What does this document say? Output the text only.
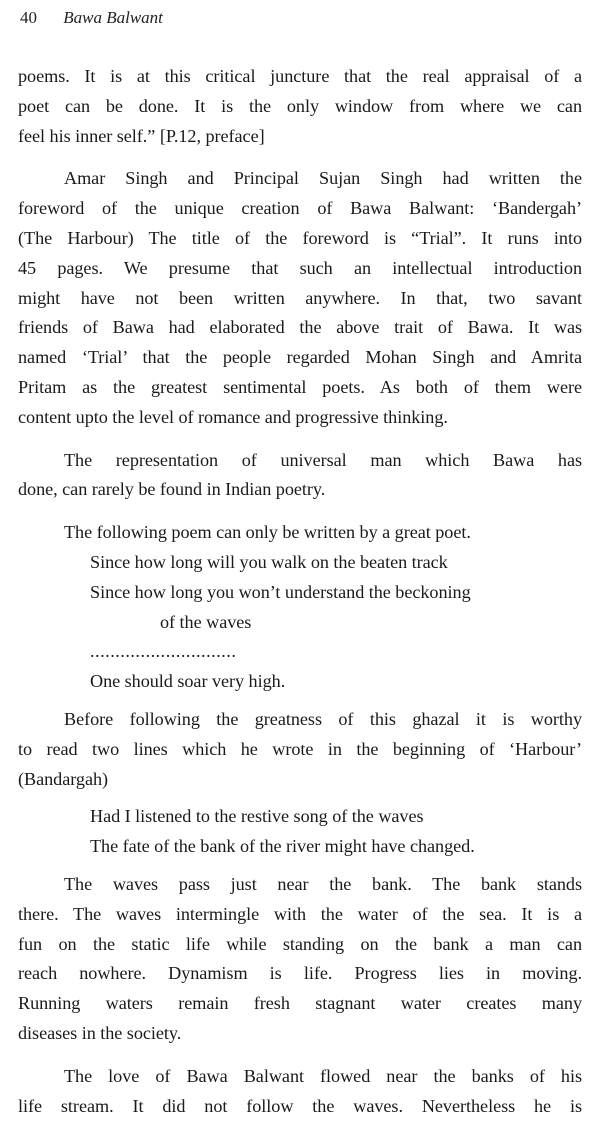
40 Bawa Balwant

poems. It is at this critical juncture that the real appraisal of a
poet can be done. It is the only window from where we can
feel his inner self.” [P.12, preface]

Amar Singh and Principal Sujan Singh had written the
foreword of the unique creation of Bawa Balwant: ‘Bandergah’
(The Harbour) The title of the foreword is “Trial”. It runs into
45 pages. We presume that such an intellectual introduction
might have not been written anywhere. In that, two savant
friends of Bawa had elaborated the above trait of Bawa. It was
named ‘Trial’ that the people regarded Mohan Singh and Amrita
Pritam as the greatest sentimental poets. As both of them were
content upto the level of romance and progressive thinking.

The representation of universal man which Bawa has
done, can rarely be found in Indian poetry.

The following poem can only be written by a great poet.

Since how long will you walk on the beaten track
Since how long you won’t understand the beckoning
of the waves
.............................
One should soar very high.

Before following the greatness of this ghazal it is worthy
to read two lines which he wrote in the beginning of ‘Harbour’
(Bandargah)

Had I listened to the restive song of the waves
The fate of the bank of the river might have changed.

The waves pass just near the bank. The bank stands
there. The waves intermingle with the water of the sea. It is a
fun on the static life while standing on the bank a man can
reach nowhere. Dynamism is life. Progress lies in moving.
Running waters remain fresh stagnant water creates many
diseases in the society.

The love of Bawa Balwant flowed near the banks of his
life stream. It did not follow the waves. Nevertheless he is
